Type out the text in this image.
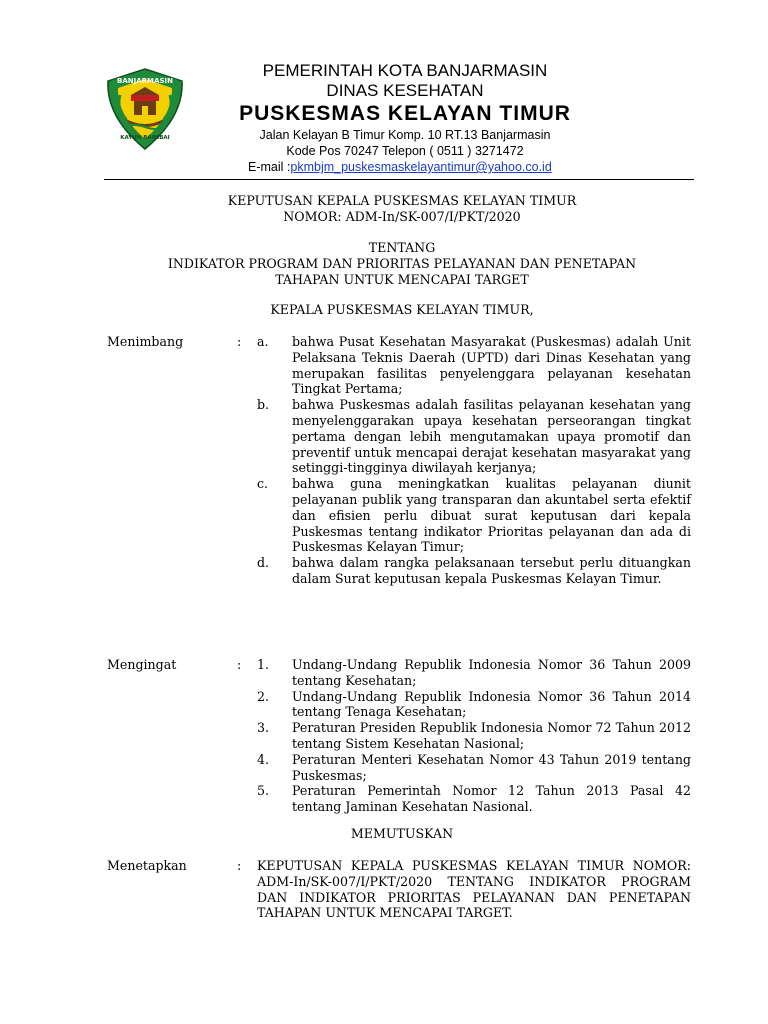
BANJARMASIN
KAYUH BAIMBAI
PEMERINTAH KOTA BANJARMASIN
DINAS KESEHATAN
PUSKESMAS KELAYAN TIMUR
Jalan Kelayan B Timur Komp. 10 RT.13 Banjarmasin
Kode Pos 70247 Telepon ( 0511 ) 3271472
E-mail :pkmbjm_puskesmaskelayantimur@yahoo.co.id
KEPUTUSAN KEPALA PUSKESMAS KELAYAN TIMUR
NOMOR: ADM-In/SK-007/I/PKT/2020
TENTANG
INDIKATOR PROGRAM DAN PRIORITAS PELAYANAN DAN PENETAPAN
TAHAPAN UNTUK MENCAPAI TARGET
KEPALA PUSKESMAS KELAYAN TIMUR,
Menimbang	:	a.	bahwa Pusat Kesehatan Masyarakat (Puskesmas) adalah Unit Pelaksana Teknis Daerah (UPTD) dari Dinas Kesehatan yang merupakan fasilitas penyelenggara pelayanan kesehatan Tingkat Pertama;
b.	bahwa Puskesmas adalah fasilitas pelayanan kesehatan yang menyelenggarakan upaya kesehatan perseorangan tingkat pertama dengan lebih mengutamakan upaya promotif dan preventif untuk mencapai derajat kesehatan masyarakat yang setinggi-tingginya diwilayah kerjanya;
c.	bahwa guna meningkatkan kualitas pelayanan diunit pelayanan publik yang transparan dan akuntabel serta efektif dan efisien perlu dibuat surat keputusan dari kepala Puskesmas tentang indikator Prioritas pelayanan dan ada di Puskesmas Kelayan Timur;
d.	bahwa dalam rangka pelaksanaan tersebut perlu dituangkan dalam Surat keputusan kepala Puskesmas Kelayan Timur.
Mengingat	:	1.	Undang-Undang Republik Indonesia Nomor 36 Tahun 2009 tentang Kesehatan;
2.	Undang-Undang Republik Indonesia Nomor 36 Tahun 2014 tentang Tenaga Kesehatan;
3.	Peraturan Presiden Republik Indonesia Nomor 72 Tahun 2012 tentang Sistem Kesehatan Nasional;
4.	Peraturan Menteri Kesehatan Nomor 43 Tahun 2019 tentang Puskesmas;
5.	Peraturan Pemerintah Nomor 12 Tahun 2013 Pasal 42 tentang Jaminan Kesehatan Nasional.
MEMUTUSKAN
Menetapkan	:	KEPUTUSAN KEPALA PUSKESMAS KELAYAN TIMUR NOMOR: ADM-In/SK-007/I/PKT/2020 TENTANG INDIKATOR PROGRAM DAN INDIKATOR PRIORITAS PELAYANAN DAN PENETAPAN TAHAPAN UNTUK MENCAPAI TARGET.
